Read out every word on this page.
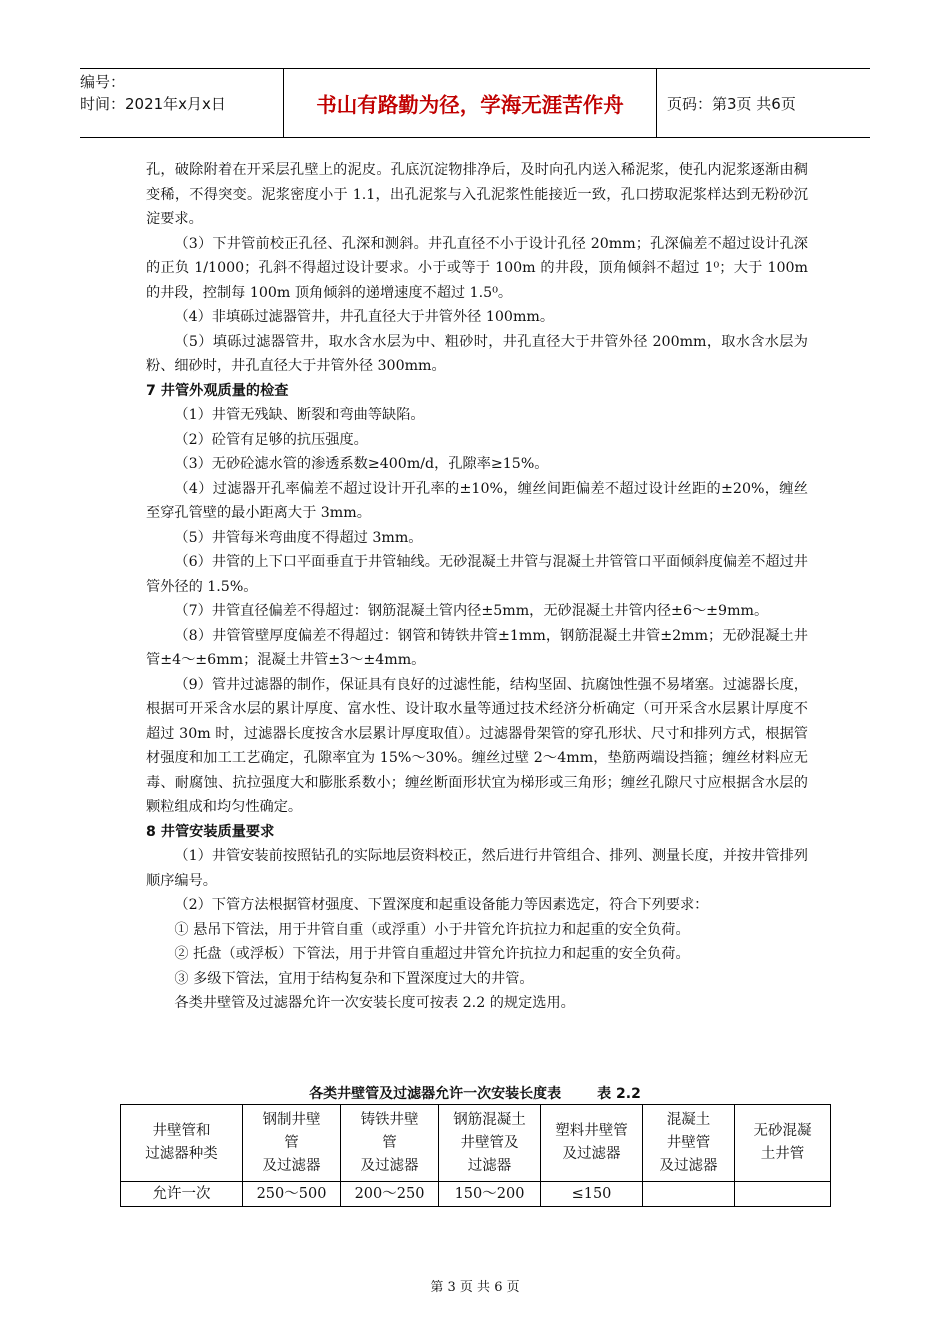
编号：
时间：2021年x月x日	书山有路勤为径，学海无涯苦作舟	页码：第3页 共6页

孔，破除附着在开采层孔壁上的泥皮。孔底沉淀物排净后，及时向孔内送入稀泥浆，使孔内泥浆逐渐由稠变稀，不得突变。泥浆密度小于 1.1，出孔泥浆与入孔泥浆性能接近一致，孔口捞取泥浆样达到无粉砂沉淀要求。

（3）下井管前校正孔径、孔深和测斜。井孔直径不小于设计孔径 20mm；孔深偏差不超过设计孔深的正负 1/1000；孔斜不得超过设计要求。小于或等于 100m 的井段，顶角倾斜不超过 1⁰；大于 100m 的井段，控制每 100m 顶角倾斜的递增速度不超过 1.5⁰。

（4）非填砾过滤器管井，井孔直径大于井管外径 100mm。

（5）填砾过滤器管井，取水含水层为中、粗砂时，井孔直径大于井管外径 200mm，取水含水层为粉、细砂时，井孔直径大于井管外径 300mm。

7 井管外观质量的检查

（1）井管无残缺、断裂和弯曲等缺陷。

（2）砼管有足够的抗压强度。

（3）无砂砼滤水管的渗透系数≥400m/d，孔隙率≥15%。

（4）过滤器开孔率偏差不超过设计开孔率的±10%，缠丝间距偏差不超过设计丝距的±20%，缠丝至穿孔管壁的最小距离大于 3mm。

（5）井管每米弯曲度不得超过 3mm。

（6）井管的上下口平面垂直于井管轴线。无砂混凝土井管与混凝土井管管口平面倾斜度偏差不超过井管外径的 1.5%。

（7）井管直径偏差不得超过：钢筋混凝土管内径±5mm，无砂混凝土井管内径±6～±9mm。

（8）井管管壁厚度偏差不得超过：钢管和铸铁井管±1mm，钢筋混凝土井管±2mm；无砂混凝土井管±4～±6mm；混凝土井管±3～±4mm。

（9）管井过滤器的制作，保证具有良好的过滤性能，结构坚固、抗腐蚀性强不易堵塞。过滤器长度，根据可开采含水层的累计厚度、富水性、设计取水量等通过技术经济分析确定（可开采含水层累计厚度不超过 30m 时，过滤器长度按含水层累计厚度取值）。过滤器骨架管的穿孔形状、尺寸和排列方式，根据管材强度和加工工艺确定，孔隙率宜为 15%～30%。缠丝过壁 2～4mm，垫筋两端设挡箍；缠丝材料应无毒、耐腐蚀、抗拉强度大和膨胀系数小；缠丝断面形状宜为梯形或三角形；缠丝孔隙尺寸应根据含水层的颗粒组成和均匀性确定。

8 井管安装质量要求

（1）井管安装前按照钻孔的实际地层资料校正，然后进行井管组合、排列、测量长度，并按井管排列顺序编号。

（2）下管方法根据管材强度、下置深度和起重设备能力等因素选定，符合下列要求：

① 悬吊下管法，用于井管自重（或浮重）小于井管允许抗拉力和起重的安全负荷。

② 托盘（或浮板）下管法，用于井管自重超过井管允许抗拉力和起重的安全负荷。

③ 多级下管法，宜用于结构复杂和下置深度过大的井管。

各类井壁管及过滤器允许一次安装长度可按表 2.2 的规定选用。

各类井壁管及过滤器允许一次安装长度表	表 2.2
井壁管和
过滤器种类	钢制井壁
管
及过滤器	铸铁井壁
管
及过滤器	钢筋混凝土
井壁管及
过滤器	塑料井壁管
及过滤器	混凝土
井壁管
及过滤器	无砂混凝
土井管
允许一次	250～500	200～250	150～200	≤150		
第 3 页 共 6 页
